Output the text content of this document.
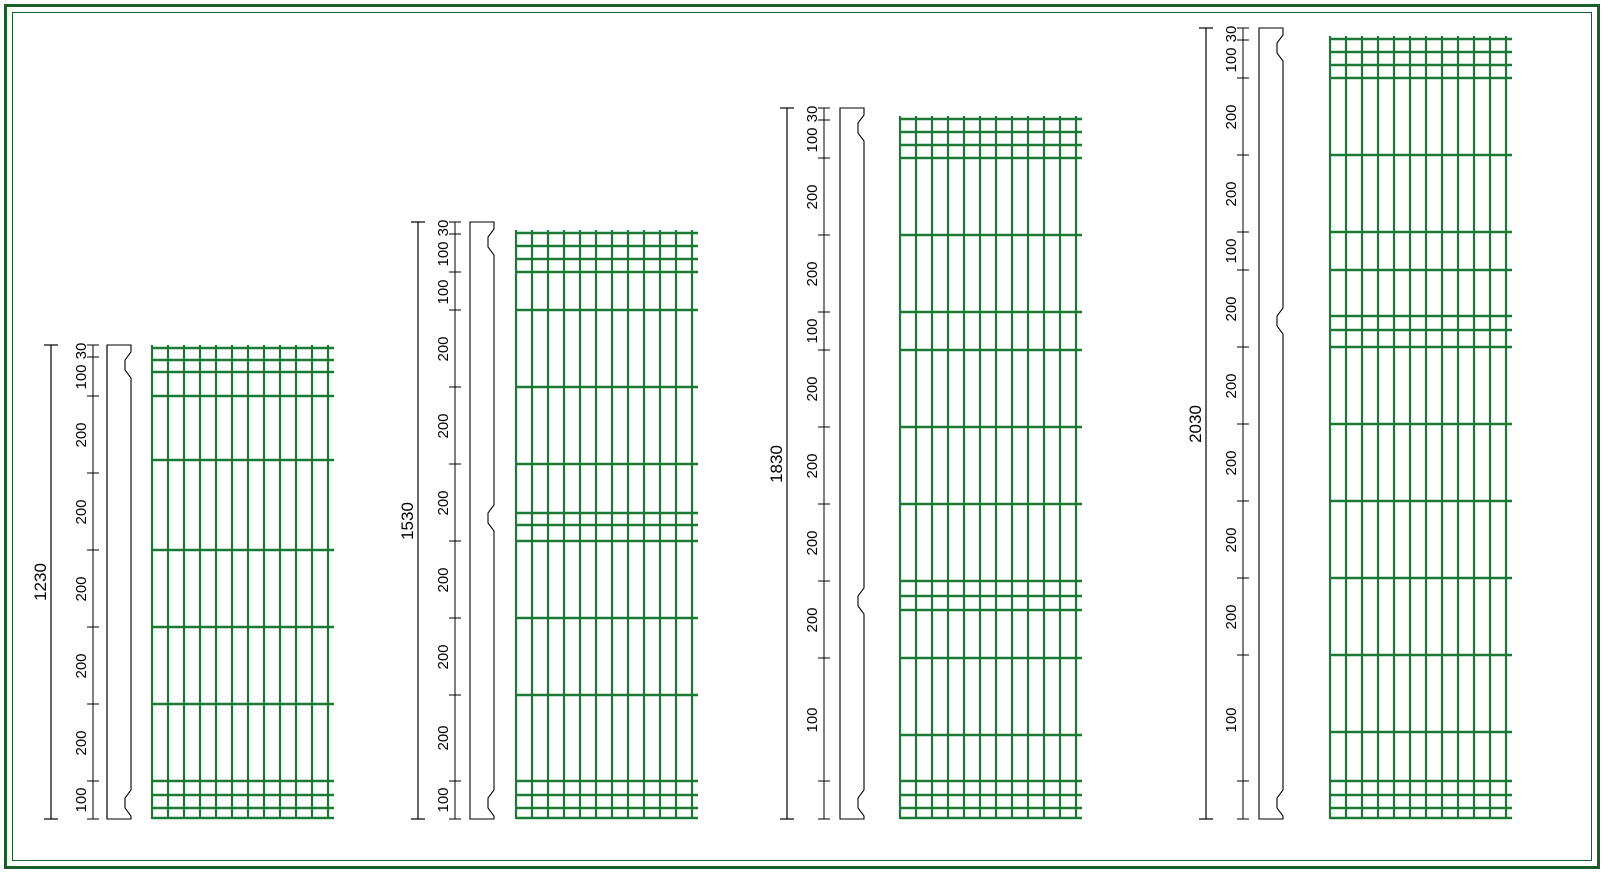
1230
30
100
200
200
200
200
200
100
1530
30
100
100
200
200
200
200
200
200
100
1830
30
100
200
200
100
200
200
200
200
100
2030
30
100
200
200
100
200
200
200
200
200
100
